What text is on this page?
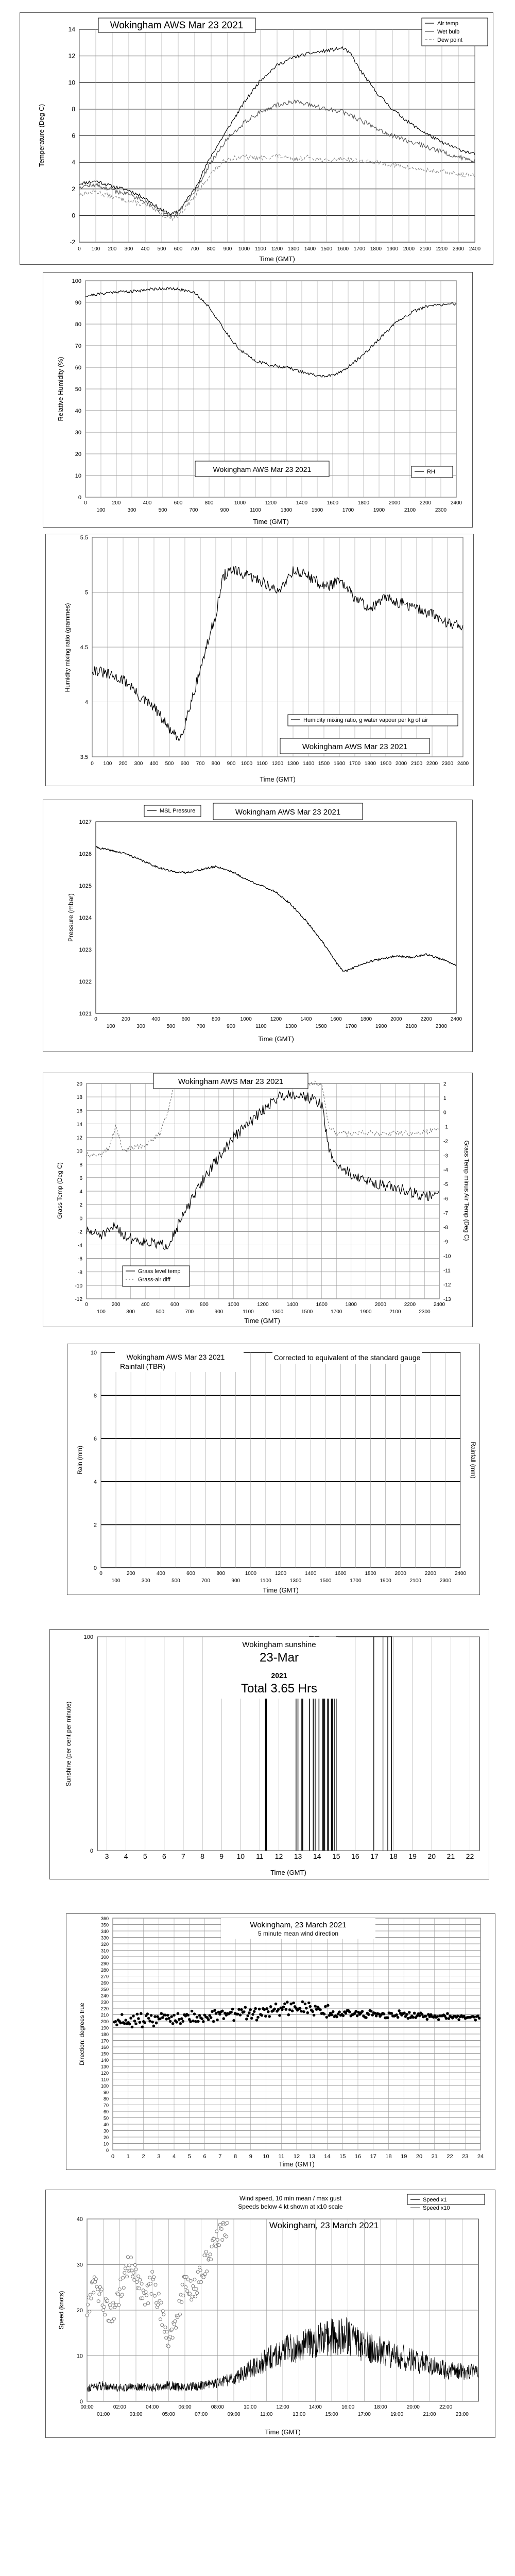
-2
0
2
4
6
8
10
12
14
0 100 200 300 400 500 600 700 800 900 1000 1100 1200 1300 1400 1500 1600 1700 1800 1900 2000 2100 2200 2300 2400
Wokingham AWS Mar 23 2021	Air temp
Wet bulb
Dew point
Time (GMT)
Temperature (Deg C)
0
10
20
30
40
50
60
70
80
90
100
0	200	400	600	800	1000	1200	1400	1600	1800	2000	2200	2400
100	300	500	700	900	1100	1300	1500	1700	1900	2100	2300
Wokingham AWS Mar 23 2021	RH
Time (GMT)
Relative Humidity (%)
3.5
4
4.5
5
5.5
0 100 200 300 400 500 600 700 800 900 1000 1100 1200 1300 1400 1500 1600 1700 1800 1900 2000 2100 2200 2300 2400
Humidity mixing ratio, g water vapour per kg of air
Wokingham AWS Mar 23 2021
Time (GMT)
Humidity mixing ratio (grammes)
1021
1022
1023
1024
1025
1026
1027
0	200	400	600	800	1000	1200	1400	1600	1800	2000	2200	2400
100	300	500	700	900	1100	1300	1500	1700	1900	2100	2300
MSL Pressure	Wokingham AWS Mar 23 2021
Time (GMT)
Pressure (mbar)
-12
-10
-8
-6
-4
-2
0
2
4
6
8
10
12
14
16
18
20
-13
-12
-11
-10
-9
-8
-7
-6
-5
-4
-3
-2
-1
0
1
2
0	200	400	600	800	1000	1200	1400	1600	1800	2000	2200	2400
100	300	500	700	900	1100	1300	1500	1700	1900	2100	2300
Wokingham AWS Mar 23 2021
Grass level temp
Grass-air diff
Time (GMT)
Grass Temp (Deg C)	Grass Temp minus Air Temp (Deg C)
0
2
4
6
8
10
0	200	400	600	800	1000	1200	1400	1600	1800	2000	2200	2400
100	300	500	700	900	1100	1300	1500	1700	1900	2100	2300
Wokingham AWS Mar 23 2021
Rainfall (TBR)
Corrected to equivalent of the standard gauge
Time (GMT)
Rain (mm)	Rainfall (mm)
0
100
3 4 5 6 7 8 9 10 11 12 13 14 15 16 17 18 19 20 21 22
Wokingham sunshine
23-Mar
2021
Total 3.65 Hrs
Time (GMT)
Sunshine (per cent per minute)
0
10
20
30
40
50
60
70
80
90
100
110
120
130
140
150
160
170
180
190
200
210
220
230
240
250
260
270
280
290
300
310
320
330
340
350
360
0 1 2 3 4 5 6 7 8 9 10 11 12 13 14 15 16 17 18 19 20 21 22 23 24
Wokingham, 23 March 2021
5 minute mean wind direction
Time (GMT)
Direction: degrees true
0
10
20
30
40
00:00	02:00	04:00	06:00	08:00	10:00	12:00	14:00	16:00	18:00	20:00	22:00
01:00	03:00	05:00	07:00	09:00	11:00	13:00	15:00	17:00	19:00	21:00	23:00
Wind speed, 10 min mean / max gust
Speeds below 4 kt shown at x10 scale
Wokingham, 23 March 2021
Speed x1
Speed x10
Time (GMT)
Speed (knots)
